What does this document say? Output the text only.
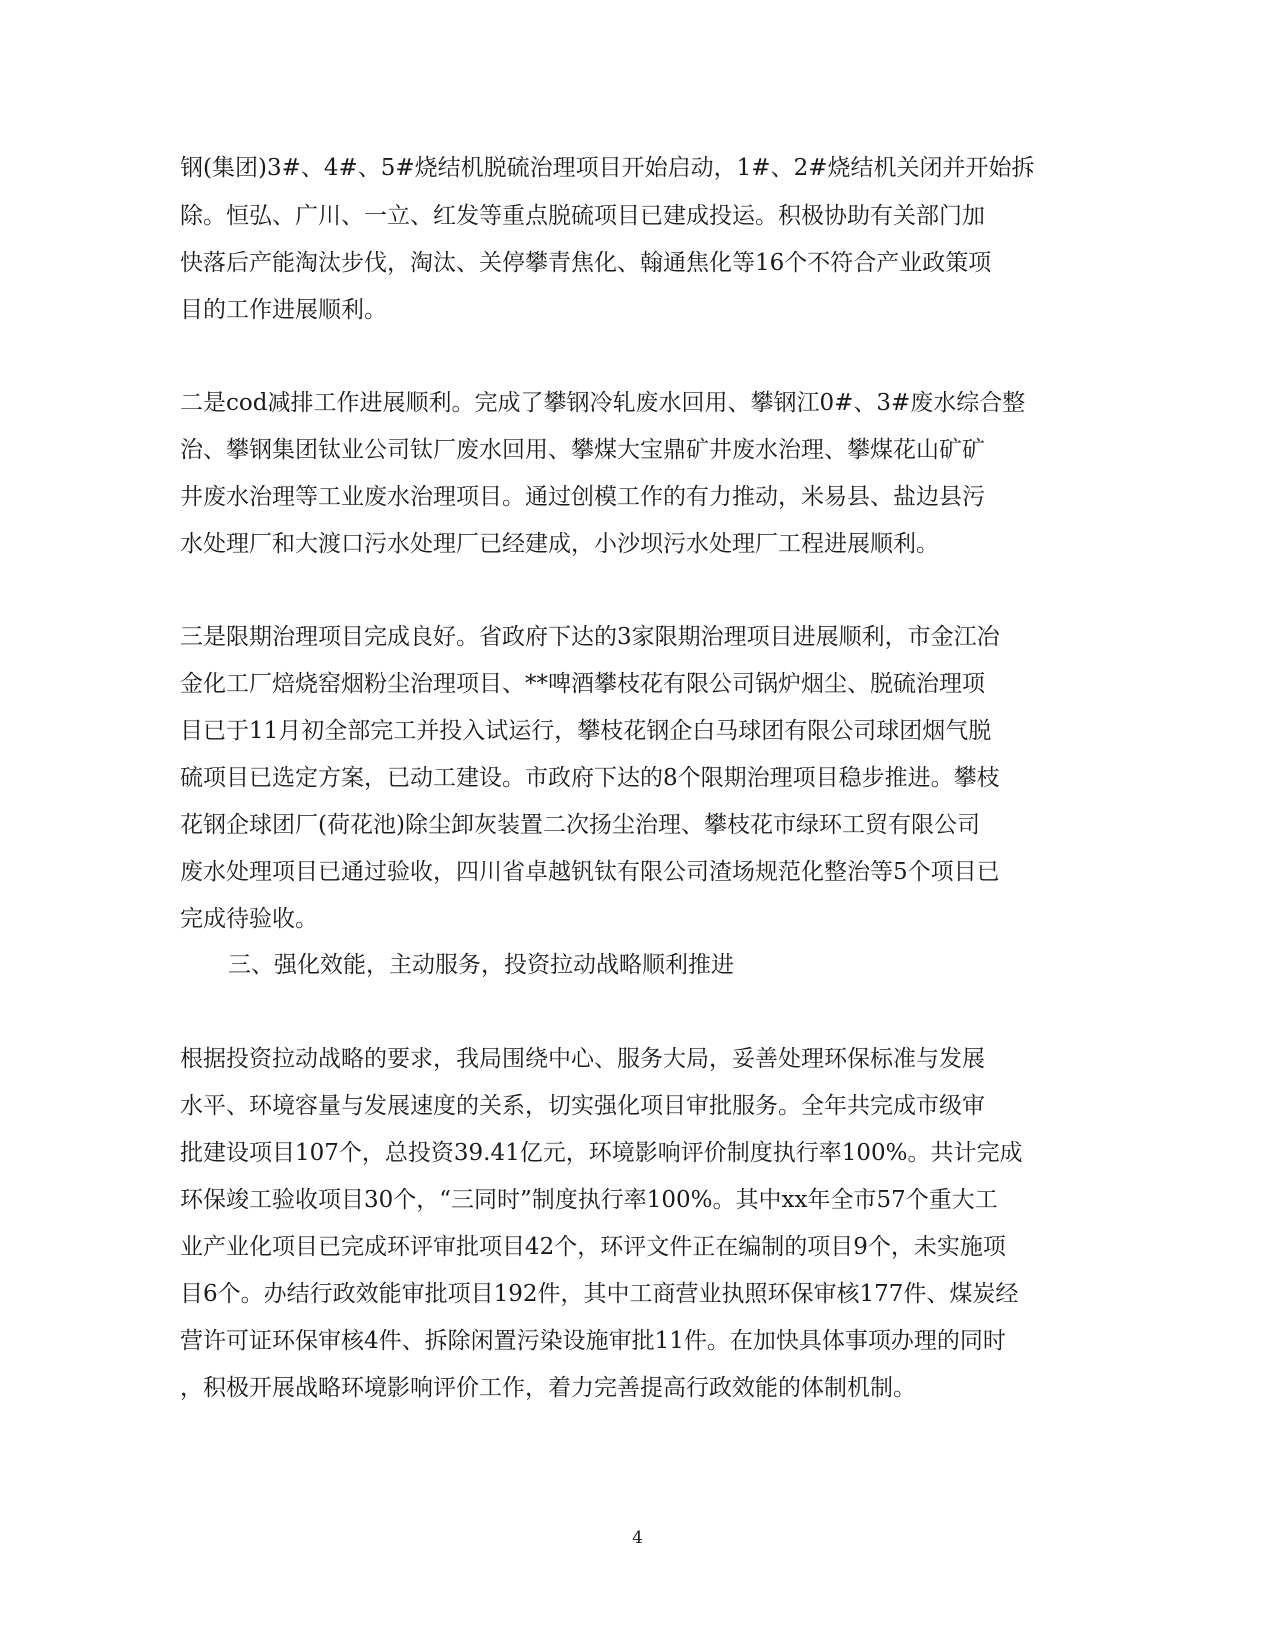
钢(集团)3#、4#、5#烧结机脱硫治理项目开始启动，1#、2#烧结机关闭并开始拆
除。恒弘、广川、一立、红发等重点脱硫项目已建成投运。积极协助有关部门加
快落后产能淘汰步伐，淘汰、关停攀青焦化、翰通焦化等16个不符合产业政策项
目的工作进展顺利。
二是cod减排工作进展顺利。完成了攀钢冷轧废水回用、攀钢江0#、3#废水综合整
治、攀钢集团钛业公司钛厂废水回用、攀煤大宝鼎矿井废水治理、攀煤花山矿矿
井废水治理等工业废水治理项目。通过创模工作的有力推动，米易县、盐边县污
水处理厂和大渡口污水处理厂已经建成，小沙坝污水处理厂工程进展顺利。
三是限期治理项目完成良好。省政府下达的3家限期治理项目进展顺利，市金江冶
金化工厂焙烧窑烟粉尘治理项目、**啤酒攀枝花有限公司锅炉烟尘、脱硫治理项
目已于11月初全部完工并投入试运行，攀枝花钢企白马球团有限公司球团烟气脱
硫项目已选定方案，已动工建设。市政府下达的8个限期治理项目稳步推进。攀枝
花钢企球团厂(荷花池)除尘卸灰装置二次扬尘治理、攀枝花市绿环工贸有限公司
废水处理项目已通过验收，四川省卓越钒钛有限公司渣场规范化整治等5个项目已
完成待验收。
三、强化效能，主动服务，投资拉动战略顺利推进
根据投资拉动战略的要求，我局围绕中心、服务大局，妥善处理环保标准与发展
水平、环境容量与发展速度的关系，切实强化项目审批服务。全年共完成市级审
批建设项目107个，总投资39.41亿元，环境影响评价制度执行率100%。共计完成
环保竣工验收项目30个，“三同时”制度执行率100%。其中xx年全市57个重大工
业产业化项目已完成环评审批项目42个，环评文件正在编制的项目9个，未实施项
目6个。办结行政效能审批项目192件，其中工商营业执照环保审核177件、煤炭经
营许可证环保审核4件、拆除闲置污染设施审批11件。在加快具体事项办理的同时
，积极开展战略环境影响评价工作，着力完善提高行政效能的体制机制。
4
